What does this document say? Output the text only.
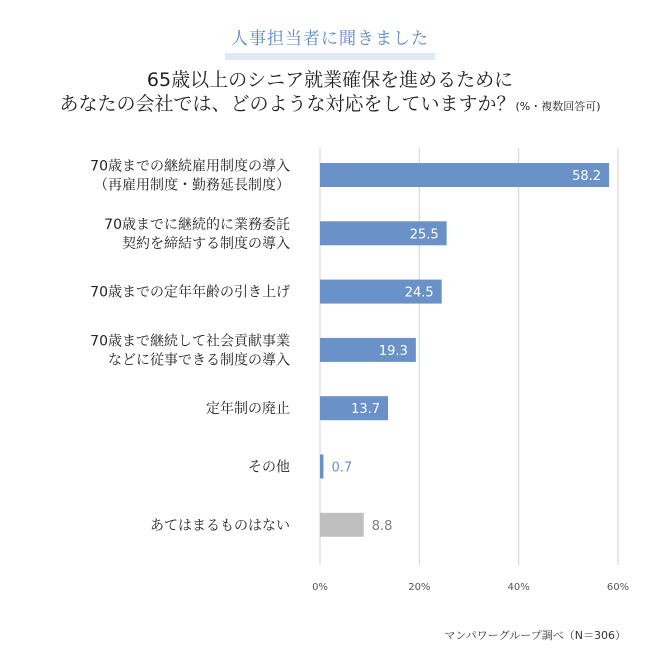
人事担当者に聞きました
65歳以上のシニア就業確保を進めるために
あなたの会社では、どのような対応をしていますか？(%・複数回答可)
0%	20%	40%	60%
58.2
70歳までの継続雇用制度の導入
（再雇用制度・勤務延長制度）
25.5
70歳までに継続的に業務委託
契約を締結する制度の導入
24.5
70歳までの定年年齢の引き上げ
19.3
70歳まで継続して社会貢献事業
などに従事できる制度の導入
13.7
定年制の廃止
0.7
その他
8.8
あてはまるものはない
マンパワーグループ調べ（N＝306）
